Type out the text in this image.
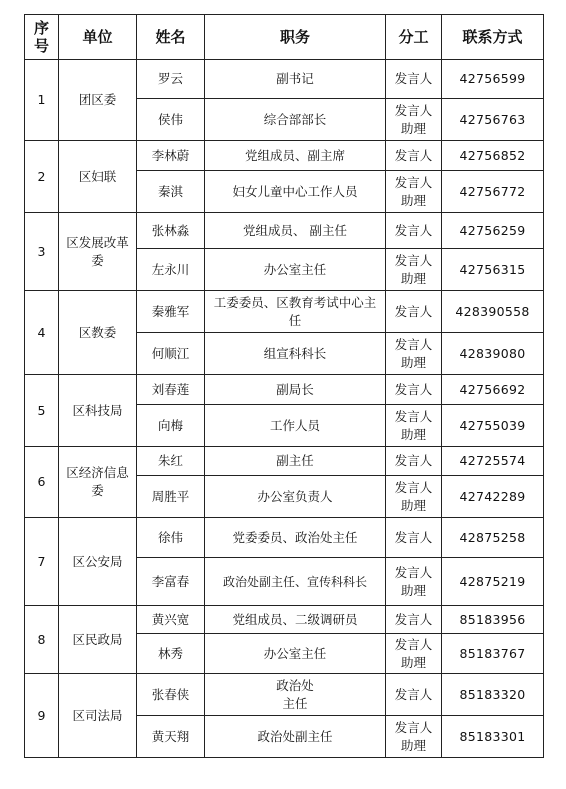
序号	单位	姓名	职务	分工	联系方式
1	团区委	罗云	副书记	发言人	42756599
		侯伟	综合部部长	发言人助理	42756763
2	区妇联	李林蔚	党组成员、副主席	发言人	42756852
		秦淇	妇女儿童中心工作人员	发言人助理	42756772
3	区发展改革委	张林淼	党组成员、 副主任	发言人	42756259
		左永川	办公室主任	发言人助理	42756315
4	区教委	秦雅军	工委委员、区教育考试中心主任	发言人	428390558
		何顺江	组宣科科长	发言人助理	42839080
5	区科技局	刘春莲	副局长	发言人	42756692
		向梅	工作人员	发言人助理	42755039
6	区经济信息委	朱红	副主任	发言人	42725574
		周胜平	办公室负责人	发言人助理	42742289
7	区公安局	徐伟	党委委员、政治处主任	发言人	42875258
		李富春	政治处副主任、宣传科科长	发言人助理	42875219
8	区民政局	黄兴宽	党组成员、二级调研员	发言人	85183956
		林秀	办公室主任	发言人助理	85183767
9	区司法局	张春侠	政治处主任	发言人	85183320
		黄天翔	政治处副主任	发言人助理	85183301
